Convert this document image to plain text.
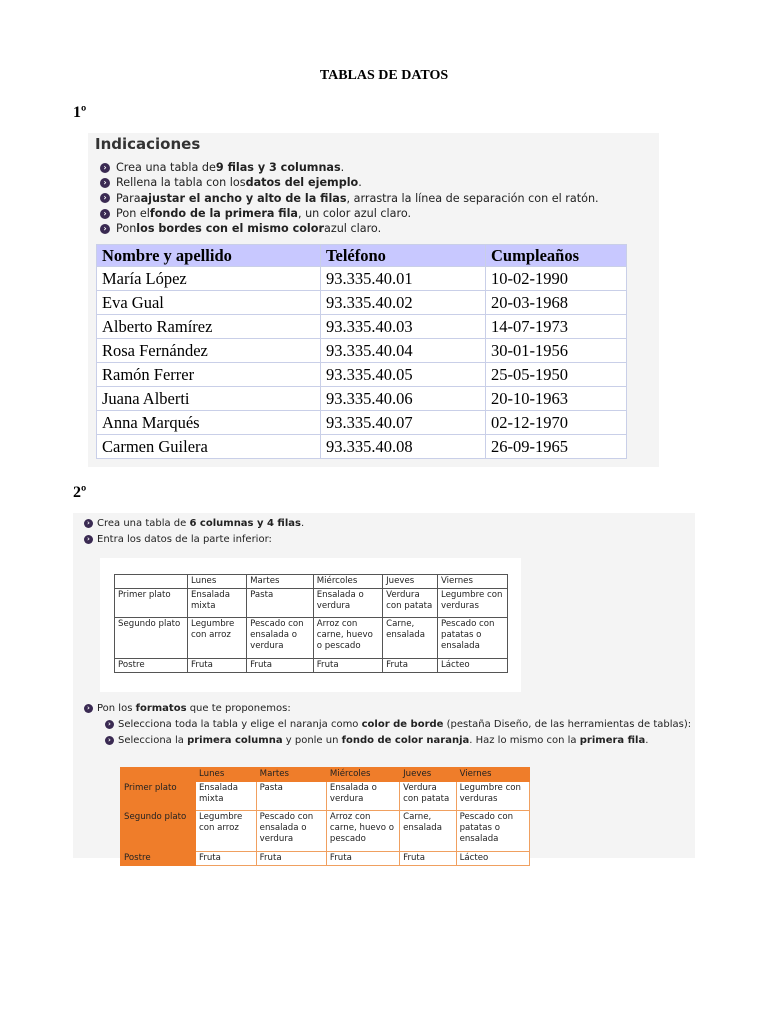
TABLAS DE DATOS
1º
Indicaciones
›
Crea una tabla de 9 filas y 3 columnas .
›
Rellena la tabla con los datos del ejemplo .
›
Para ajustar el ancho y alto de la filas , arrastra la línea de separación con el ratón.
›
Pon el fondo de la primera fila , un color azul claro.
›
Pon los bordes con el mismo color azul claro.
Nombre y apellido	Teléfono	Cumpleaños
María López	93.335.40.01	10-02-1990
Eva Gual	93.335.40.02	20-03-1968
Alberto Ramírez	93.335.40.03	14-07-1973
Rosa Fernández	93.335.40.04	30-01-1956
Ramón Ferrer	93.335.40.05	25-05-1950
Juana Alberti	93.335.40.06	20-10-1963
Anna Marqués	93.335.40.07	02-12-1970
Carmen Guilera	93.335.40.08	26-09-1965
2º
›
Crea una tabla de 6 columnas y 4 filas.
›
Entra los datos de la parte inferior:
	Lunes	Martes	Miércoles	Jueves	Viernes
Primer plato	Ensalada mixta	Pasta	Ensalada o verdura	Verdura con patata	Legumbre con verduras
Segundo plato	Legumbre con arroz	Pescado con ensalada o verdura	Arroz con carne, huevo o pescado	Carne, ensalada	Pescado con patatas o ensalada
Postre	Fruta	Fruta	Fruta	Fruta	Lácteo
›
Pon los formatos que te proponemos:
›
Selecciona toda la tabla y elige el naranja como color de borde (pestaña Diseño, de las herramientas de tablas):
›
Selecciona la primera columna y ponle un fondo de color naranja. Haz lo mismo con la primera fila.
	Lunes	Martes	Miércoles	Jueves	Viernes
Primer plato	Ensalada mixta	Pasta	Ensalada o verdura	Verdura con patata	Legumbre con verduras
Segundo plato	Legumbre con arroz	Pescado con ensalada o verdura	Arroz con carne, huevo o pescado	Carne, ensalada	Pescado con patatas o ensalada
Postre	Fruta	Fruta	Fruta	Fruta	Lácteo
